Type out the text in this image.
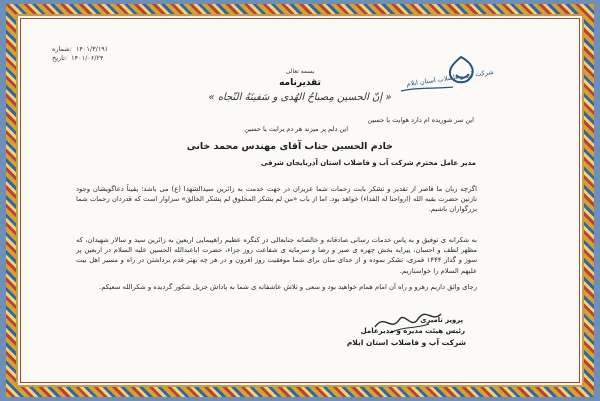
شماره: ۱۴۰۱/۳/۱۹۱
تاریخ: ۱۴۰۱/۰۶/۲۴
شرکت آب و فاضلاب استان ایلام
بسمه تعالی
تقدیرنامه
« إنّ الحسین مِصباحُ الهُدی و سَفینَهُ النّجاه »
این سر شوریده ام دارد هوایت یا حسین
این دلم پر میزند هر دم برایت یا حسین
خادم الحسین جناب آقای مهندس محمد خانی
مدیر عامل محترم شرکت آب و فاضلاب استان آذربایجان شرقی
اگرچه زبان ما قاصر از تقدیر و تشکر بابت زحمات شما عزیزان در جهت خدمت به زائرین سیدالشهدا (ع) می باشد؛ یقیناً دعاگویشان وجود نازنین حضرت بقیه الله (ارواحنا له الفداء) خواهد بود. اما از باب «من لم یشکر المخلوق لم یشکر الخالق» سزاوار است که قدردان زحمات شما بزرگواران باشیم.
به شکرانه ی توفیق و به پاس خدمات رسانی صادقانه و خالصانه جنابعالی در کنگره عظیم راهپیمایی اربعین به زائرین سید و سالار شهیدان، که مظهر لطف و احسان، پیرایه بخش چهره ی صبر و رضا و سرمایه ی شفاعت روز جزاء، حضرت اباعبدالله الحسین علیه السلام در اربعین پر سوز و گداز ۱۴۴۴ قمری، تشکر نموده و از خدای منان برای شما موفقیت روز افزون و در هر چه بهتر قدم برداشتن در راه و مسیر اهل بیت علیهم السلام را خواستاریم.
رجای واثق داریم رهرو و راه آن امام همام خواهید بود و سعی و تلاش عاشقانه ی شما به پاداش جزیل شکور گردیده و شکرالله سعیکم.
پرویز تامیری
رئیس هیئت مدیره و مدیرعامل
شرکت آب و فاضلاب استان ایلام
